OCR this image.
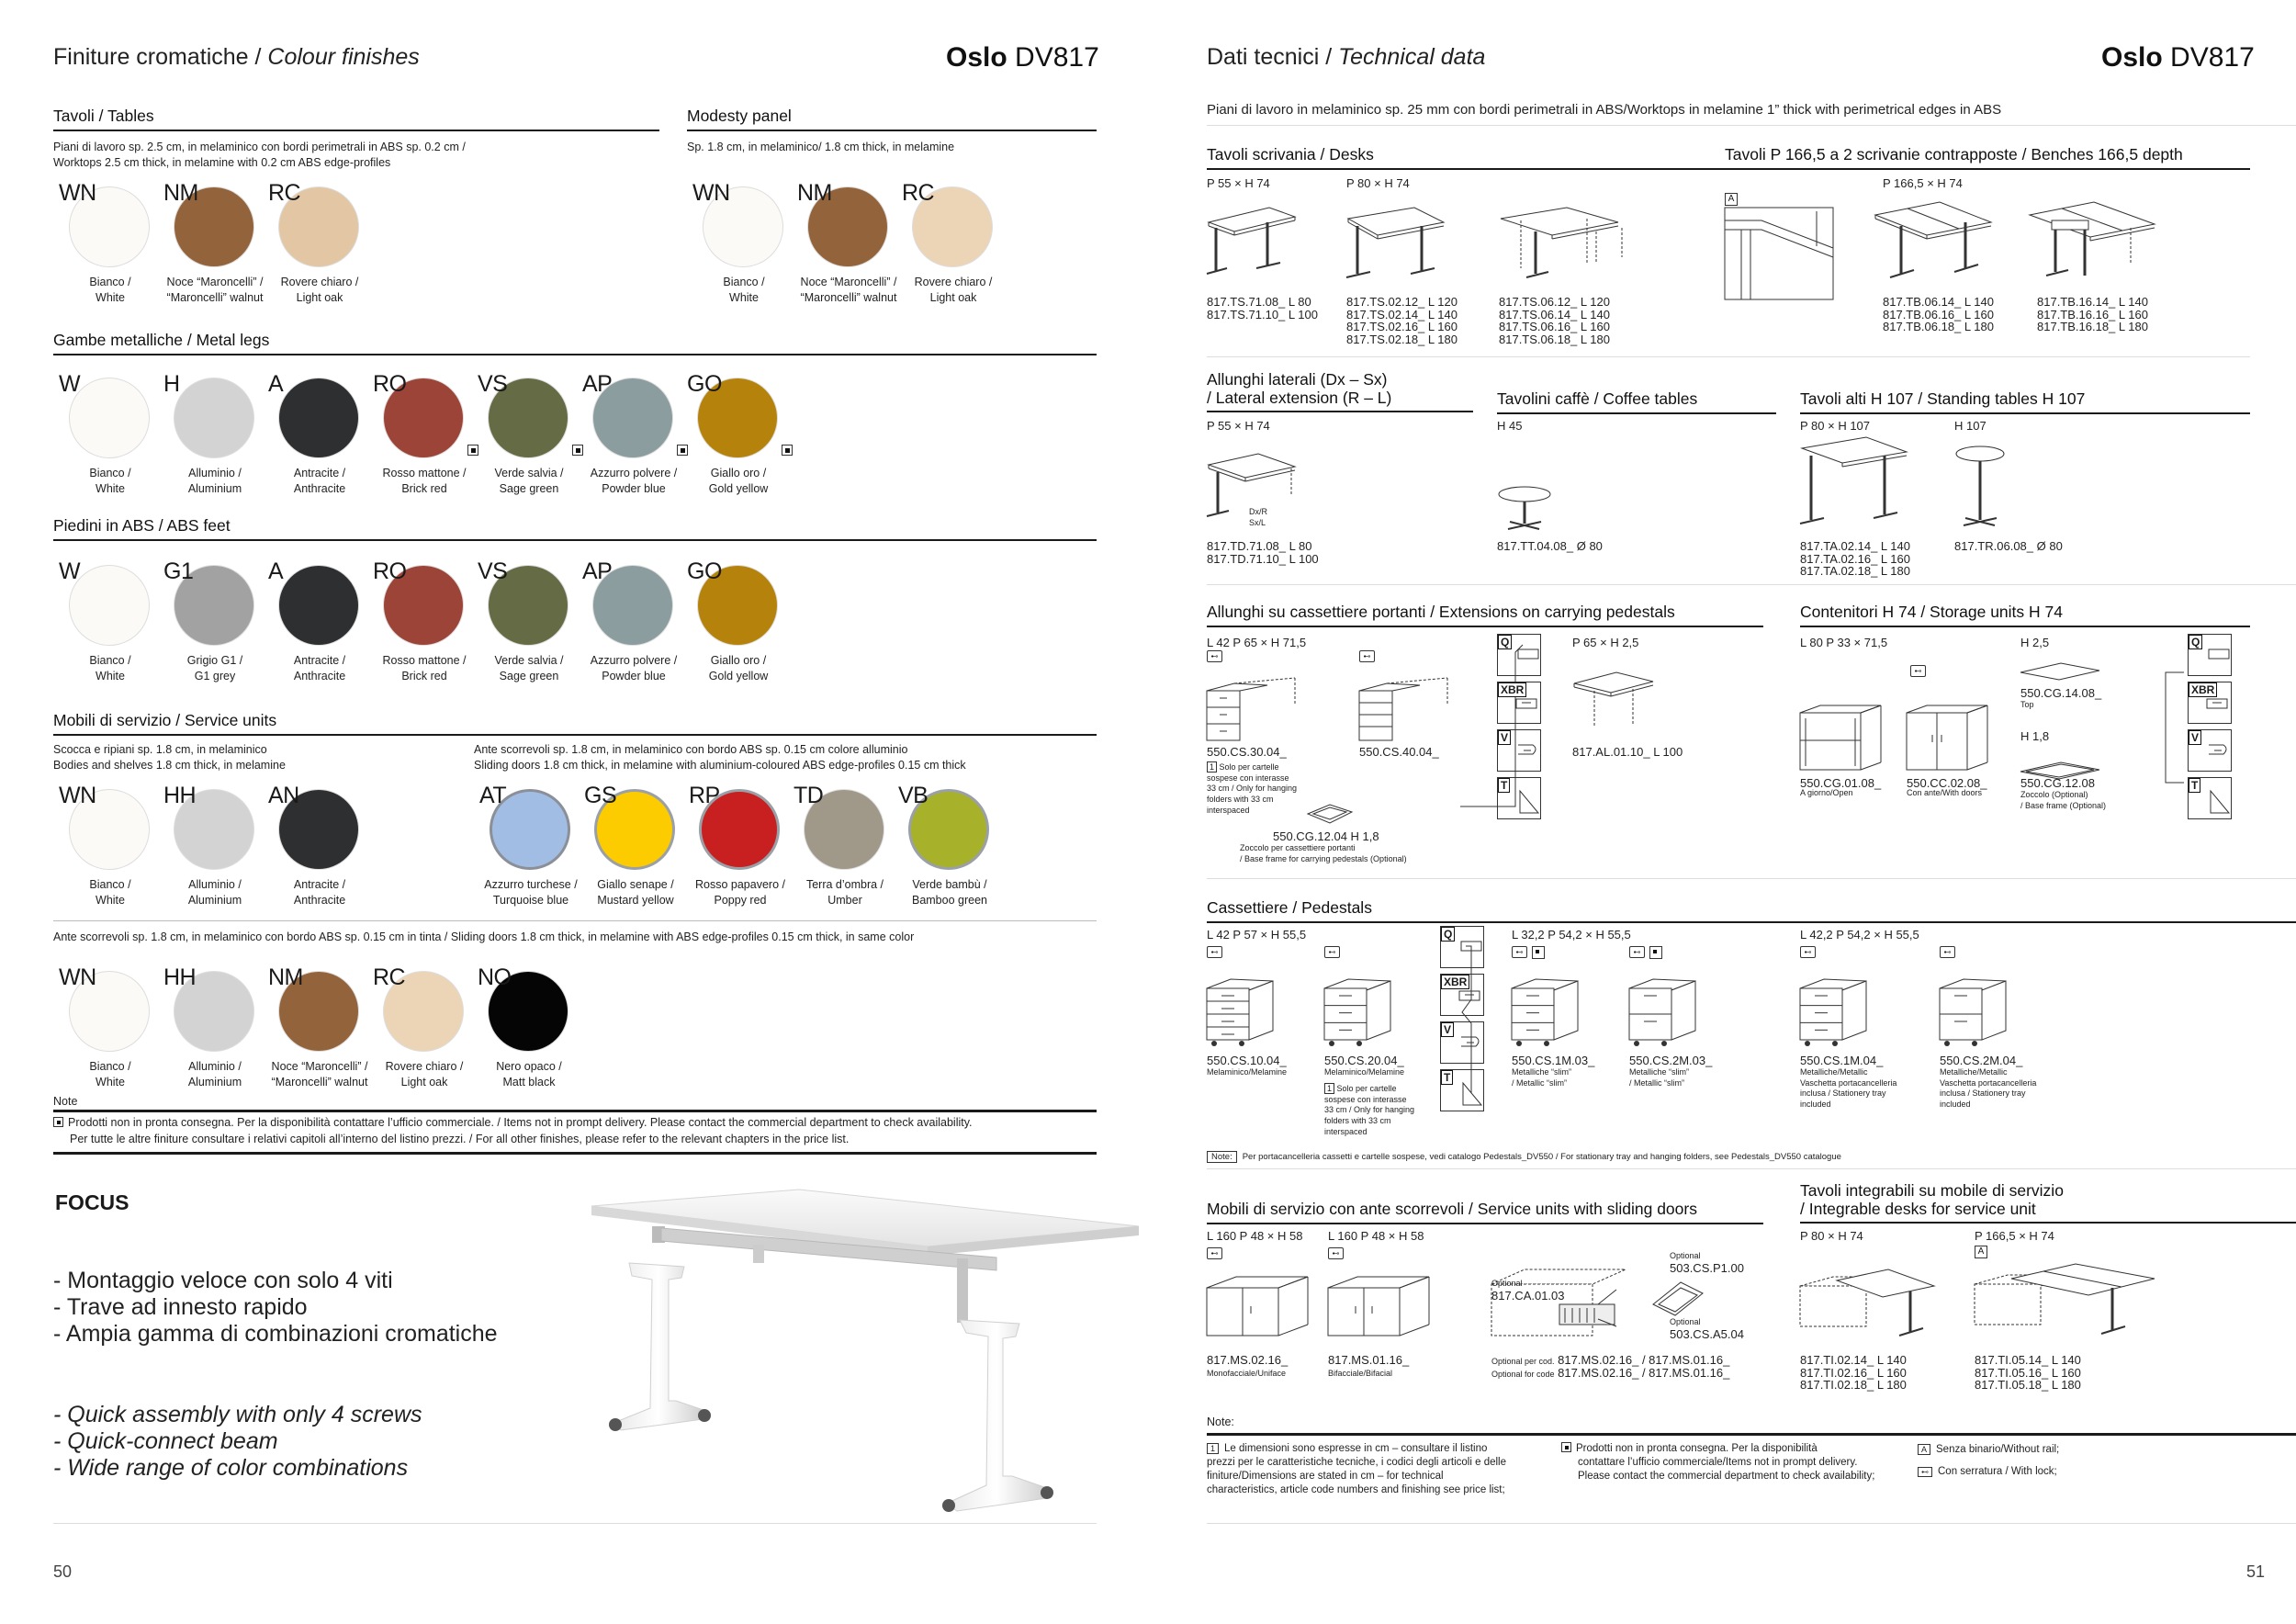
Finiture cromatiche / Colour finishes	Oslo DV817
Tavoli / Tables
Piani di lavoro sp. 2.5 cm, in melaminico con bordi perimetrali in ABS sp. 0.2 cm /
Worktops 2.5 cm thick, in melamine with 0.2 cm ABS edge-profiles
WN
Bianco /
White
NM
Noce “Maroncelli” /
“Maroncelli” walnut
RC
Rovere chiaro /
Light oak
Modesty panel
Sp. 1.8 cm, in melaminico/ 1.8 cm thick, in melamine
WN
Bianco /
White
NM
Noce “Maroncelli” /
“Maroncelli” walnut
RC
Rovere chiaro /
Light oak
Gambe metalliche / Metal legs
W
Bianco /
White
H
Alluminio /
Aluminium
A
Antracite /
Anthracite
RO
Rosso mattone /
Brick red
VS
Verde salvia /
Sage green
AP
Azzurro polvere /
Powder blue
GO
Giallo oro /
Gold yellow
Piedini in ABS / ABS feet
W
Bianco /
White
G1
Grigio G1 /
G1 grey
A
Antracite /
Anthracite
RO
Rosso mattone /
Brick red
VS
Verde salvia /
Sage green
AP
Azzurro polvere /
Powder blue
GO
Giallo oro /
Gold yellow
Mobili di servizio / Service units
Scocca e ripiani sp. 1.8 cm, in melaminico
Bodies and shelves 1.8 cm thick, in melamine
Ante scorrevoli sp. 1.8 cm, in melaminico con bordo ABS sp. 0.15 cm colore alluminio
Sliding doors 1.8 cm thick, in melamine with aluminium-coloured ABS edge-profiles 0.15 cm thick
WN
Bianco /
White
HH
Alluminio /
Aluminium
AN
Antracite /
Anthracite
AT
Azzurro turchese /
Turquoise blue
GS
Giallo senape /
Mustard yellow
RP
Rosso papavero /
Poppy red
TD
Terra d’ombra /
Umber
VB
Verde bambù /
Bamboo green
Ante scorrevoli sp. 1.8 cm, in melaminico con bordo ABS sp. 0.15 cm in tinta / Sliding doors 1.8 cm thick, in melamine with ABS edge-profiles 0.15 cm thick, in same color
WN
Bianco /
White
HH
Alluminio /
Aluminium
NM
Noce “Maroncelli” /
“Maroncelli” walnut
RC
Rovere chiaro /
Light oak
NO
Nero opaco /
Matt black
Note
Prodotti non in pronta consegna. Per la disponibilità contattare l’ufficio commerciale. / Items not in prompt delivery. Please contact the commercial department to check availability.
Per tutte le altre finiture consultare i relativi capitoli all’interno del listino prezzi. / For all other finishes, please refer to the relevant chapters in the price list.
FOCUS
- Montaggio veloce con solo 4 viti
- Trave ad innesto rapido
- Ampia gamma di combinazioni cromatiche
- Quick assembly with only 4 screws
- Quick-connect beam
- Wide range of color combinations
50
Dati tecnici / Technical data	Oslo DV817
Piani di lavoro in melaminico sp. 25 mm con bordi perimetrali in ABS/Worktops in melamine 1” thick with perimetrical edges in ABS
Tavoli scrivania / Desks
P 55 × H 74	P 80 × H 74
817.TS.71.08_ L 80
817.TS.71.10_ L 100
817.TS.02.12_ L 120
817.TS.02.14_ L 140
817.TS.02.16_ L 160
817.TS.02.18_ L 180
817.TS.06.12_ L 120
817.TS.06.14_ L 140
817.TS.06.16_ L 160
817.TS.06.18_ L 180
Tavoli P 166,5 a 2 scrivanie contrapposte / Benches 166,5 depth
A
P 166,5 × H 74
817.TB.06.14_ L 140
817.TB.06.16_ L 160
817.TB.06.18_ L 180
817.TB.16.14_ L 140
817.TB.16.16_ L 160
817.TB.16.18_ L 180
Allunghi laterali (Dx – Sx)
/ Lateral extension (R – L)
P 55 × H 74
Dx/R
Sx/L
817.TD.71.08_ L 80
817.TD.71.10_ L 100
Tavolini caffè / Coffee tables
H 45
817.TT.04.08_ Ø 80
Tavoli alti H 107 / Standing tables H 107
P 80 × H 107	H 107
817.TA.02.14_ L 140
817.TA.02.16_ L 160
817.TA.02.18_ L 180
817.TR.06.08_ Ø 80
Allunghi su cassettiere portanti / Extensions on carrying pedestals
L 42 P 65 × H 71,5	P 65 × H 2,5
⊷	⊷
550.CS.30.04_	550.CS.40.04_
1 Solo per cartelle
sospese con interasse
33 cm / Only for hanging
folders with 33 cm
interspaced
550.CG.12.04 H 1,8
Zoccolo per cassettiere portanti
/ Base frame for carrying pedestals (Optional)
Q
XBR
V
T
817.AL.01.10_ L 100
Contenitori H 74 / Storage units H 74
L 80 P 33 × 71,5	H 2,5
⊷
550.CG.14.08_
Top
H 1,8
550.CG.12.08
Zoccolo (Optional)
/ Base frame (Optional)
550.CG.01.08_
A giorno/Open
550.CC.02.08_
Con ante/With doors
Q
XBR
V
T
Cassettiere / Pedestals
L 42 P 57 × H 55,5	L 32,2 P 54,2 × H 55,5	L 42,2 P 54,2 × H 55,5
⊷	⊷	⊷	⊷	⊷	⊷
550.CS.10.04_
Melaminico/Melamine
550.CS.20.04_
Melaminico/Melamine
1 Solo per cartelle
sospese con interasse
33 cm / Only for hanging
folders with 33 cm
interspaced
Q
XBR
V
T
550.CS.1M.03_
Metalliche “slim”
/ Metallic “slim”
550.CS.2M.03_
Metalliche “slim”
/ Metallic “slim”
550.CS.1M.04_
Metalliche/Metallic
Vaschetta portacancelleria
inclusa / Stationery tray
included
550.CS.2M.04_
Metalliche/Metallic
Vaschetta portacancelleria
inclusa / Stationery tray
included
Note: Per portacancelleria cassetti e cartelle sospese, vedi catalogo Pedestals_DV550 / For stationary tray and hanging folders, see Pedestals_DV550 catalogue
Mobili di servizio con ante scorrevoli / Service units with sliding doors
L 160 P 48 × H 58 L 160 P 48 × H 58
⊷	⊷
817.MS.02.16_
Monofacciale/Uniface
817.MS.01.16_
Bifacciale/Bifacial
Optional
503.CS.P1.00
Optional
817.CA.01.03
Optional
503.CS.A5.04
Optional per cod. 817.MS.02.16_ / 817.MS.01.16_
Optional for code 817.MS.02.16_ / 817.MS.01.16_
Tavoli integrabili su mobile di servizio
/ Integrable desks for service unit
P 80 × H 74	P 166,5 × H 74
A
817.TI.02.14_ L 140
817.TI.02.16_ L 160
817.TI.02.18_ L 180
817.TI.05.14_ L 140
817.TI.05.16_ L 160
817.TI.05.18_ L 180
Note:
1 Le dimensioni sono espresse in cm – consultare il listino
prezzi per le caratteristiche tecniche, i codici degli articoli e delle
finiture/Dimensions are stated in cm – for technical
characteristics, article code numbers and finishing see price list;
Prodotti non in pronta consegna. Per la disponibilità
contattare l’ufficio commerciale/Items not in prompt delivery.
Please contact the commercial department to check availability;
A Senza binario/Without rail;
⊷ Con serratura / With lock;
51
